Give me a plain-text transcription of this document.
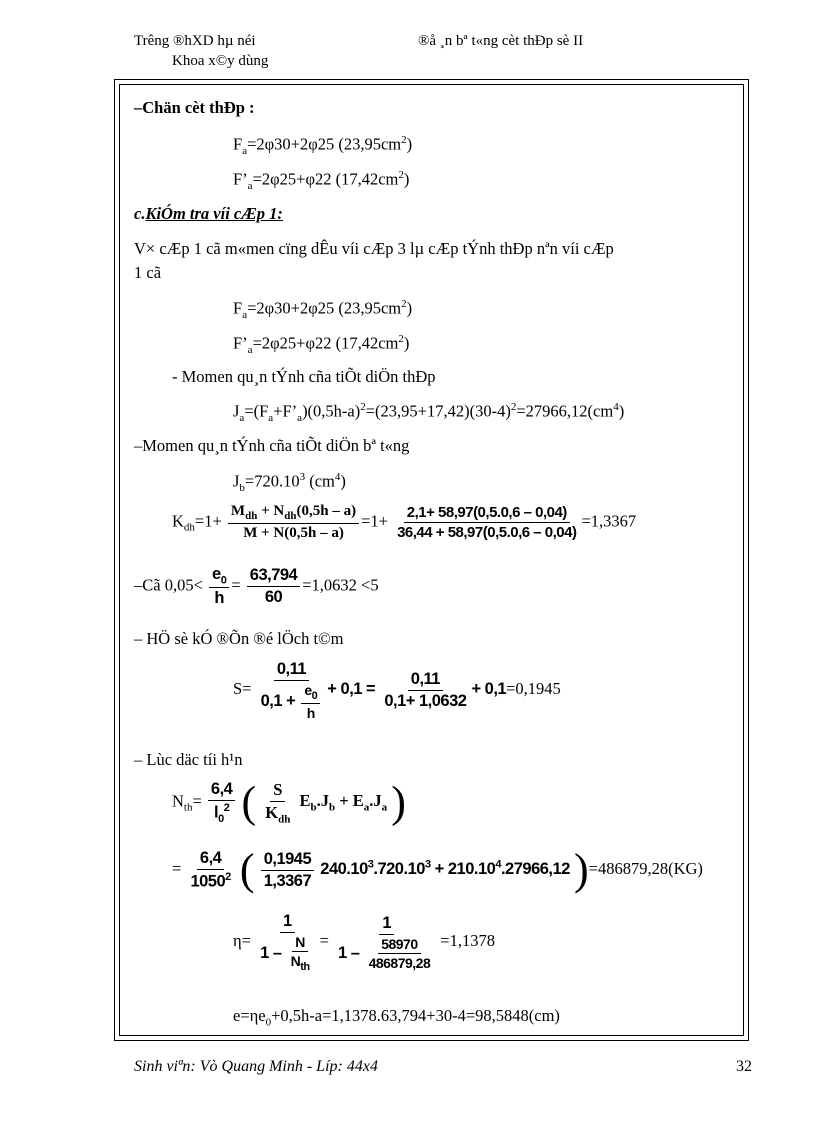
Trêng ®hXD hµ néi
Khoa x©y dùng
®å ¸n bª t«ng cèt thÐp sè II
–Chän cèt thÐp :
$F_a=2\varphi 30+2\varphi 25$ $(23,95cm^2)$
$F’_a=2\varphi 25+\varphi 22$ $(17,42cm^2)$
c.KiÓm tra víi cÆp 1:
V× cÆp 1 cã m«men cïng dÊu víi cÆp 3 lµ cÆp tÝnh thÐp nªn víi cÆp
1 cã
$F_a=2\varphi 30+2\varphi 25$ $(23,95cm^2)$
$F’_a=2\varphi 25+\varphi 22$ $(17,42cm^2)$
- Momen qu¸n tÝnh cña tiÕt diÖn thÐp
$J_a=(F_a+F’_a)(0,5h-a)^2=(23,95+17,42)(30-4)^2=27966,12(cm^4)$
–Momen qu¸n tÝnh cña tiÕt diÖn bª t«ng
$J_b=720.10^3$ $(cm^4)$
$K_{dh}=1+ \frac{M_{dh} + N_{dh}(0,5h - a)}{M + N(0,5h - a)} =1+ \frac{2,1+ 58,97(0,5.0,6 - 0,04)}{36,44 + 58,97(0,5.0,6 - 0,04)} =1,3367$
–Cã $0,05< \frac{e_0}{h} = \frac{63,794}{60} =1,0632 <5$
– HÖ sè kÓ ®Õn ®é lÖch t©m
$S= \frac{0,11}{0,1 + \frac{e_0}{h}} + 0,1 = \frac{0,11}{0,1+ 1,0632} + 0,1=0,1945$
– Lùc däc tíi h¹n
$N_{th}= \frac{6,4}{l_0^2}$ ( $\frac{S}{K_{dh}} E_b.J_b + E_a.J_a$ )
= $\frac{6,4}{1050^2}$ ( $\frac{0,1945}{1,3367} 240.10^3.720.10^3 + 210.10^4.27966,12$ )=486879,28(KG)
$\eta= \frac{1}{1 - \frac{N}{N_{th}}} = \frac{1}{1 - \frac{58970}{486879,28}} =1,1378$
$e=\eta e_0+0,5h-a=1,1378.63,794+30-4=98,5848(cm)$
Sinh viªn: Vò Quang Minh - Líp: 44x4	32
